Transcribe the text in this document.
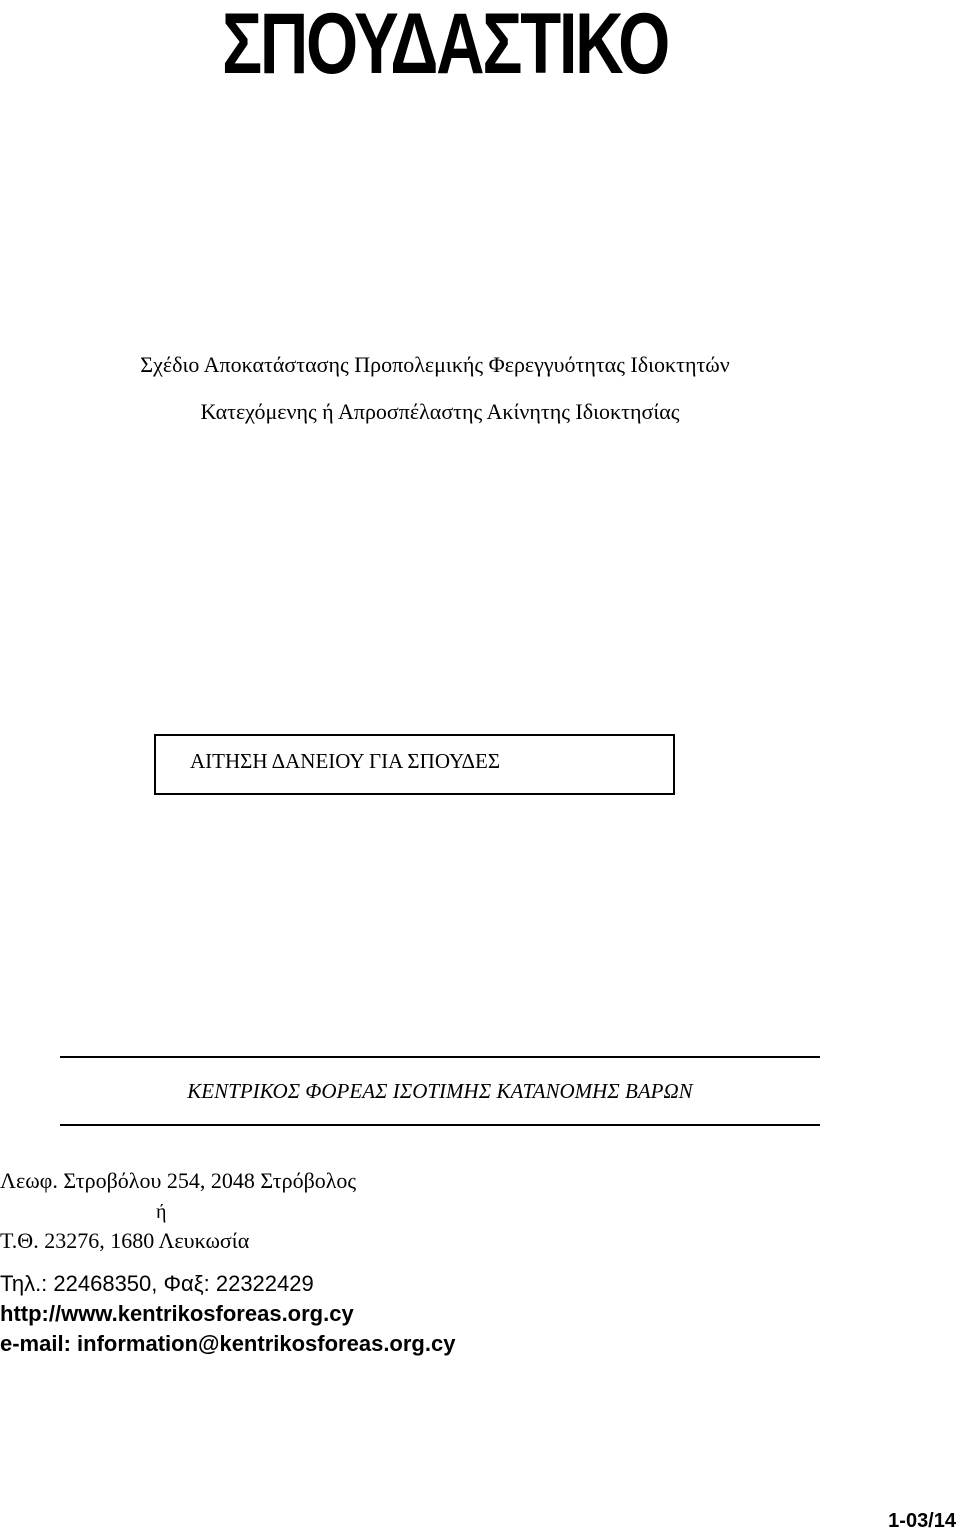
ΣΠΟΥΔΑΣΤΙΚΟ
Σχέδιο Αποκατάστασης Προπολεμικής Φερεγγυότητας Ιδιοκτητών
Κατεχόμενης ή Απροσπέλαστης Ακίνητης Ιδιοκτησίας
ΑΙΤΗΣΗ ΔΑΝΕΙΟΥ ΓΙΑ ΣΠΟΥΔΕΣ
ΚΕΝΤΡΙΚΟΣ ΦΟΡΕΑΣ ΙΣΟΤΙΜΗΣ ΚΑΤΑΝΟΜΗΣ ΒΑΡΩΝ
Λεωφ. Στροβόλου 254, 2048 Στρόβολος
ή
Τ.Θ. 23276, 1680 Λευκωσία
Τηλ.: 22468350, Φαξ: 22322429
http://www.kentrikosforeas.org.cy
e-mail: information@kentrikosforeas.org.cy
1-03/14
